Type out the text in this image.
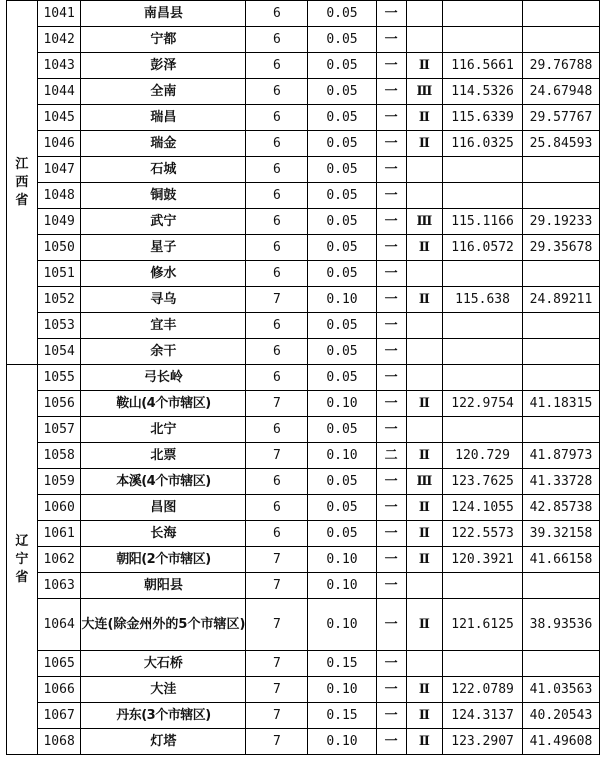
江西省	1041	南昌县	6	0.05	一			
	1042	宁都	6	0.05	一			
	1043	彭泽	6	0.05	一	Ⅱ	116.5661	29.76788
	1044	全南	6	0.05	一	Ⅲ	114.5326	24.67948
	1045	瑞昌	6	0.05	一	Ⅱ	115.6339	29.57767
	1046	瑞金	6	0.05	一	Ⅱ	116.0325	25.84593
	1047	石城	6	0.05	一			
	1048	铜鼓	6	0.05	一			
	1049	武宁	6	0.05	一	Ⅲ	115.1166	29.19233
	1050	星子	6	0.05	一	Ⅱ	116.0572	29.35678
	1051	修水	6	0.05	一			
	1052	寻乌	7	0.10	一	Ⅱ	115.638	24.89211
	1053	宜丰	6	0.05	一			
	1054	余干	6	0.05	一			
辽宁省	1055	弓长岭	6	0.05	一			
	1056	鞍山(4个市辖区)	7	0.10	一	Ⅱ	122.9754	41.18315
	1057	北宁	6	0.05	一			
	1058	北票	7	0.10	二	Ⅱ	120.729	41.87973
	1059	本溪(4个市辖区)	6	0.05	一	Ⅲ	123.7625	41.33728
	1060	昌图	6	0.05	一	Ⅱ	124.1055	42.85738
	1061	长海	6	0.05	一	Ⅱ	122.5573	39.32158
	1062	朝阳(2个市辖区)	7	0.10	一	Ⅱ	120.3921	41.66158
	1063	朝阳县	7	0.10	一			
	1064	大连(除金州外的5个市辖区)	7	0.10	一	Ⅱ	121.6125	38.93536
	1065	大石桥	7	0.15	一			
	1066	大洼	7	0.10	一	Ⅱ	122.0789	41.03563
	1067	丹东(3个市辖区)	7	0.15	一	Ⅱ	124.3137	40.20543
	1068	灯塔	7	0.10	一	Ⅱ	123.2907	41.49608
